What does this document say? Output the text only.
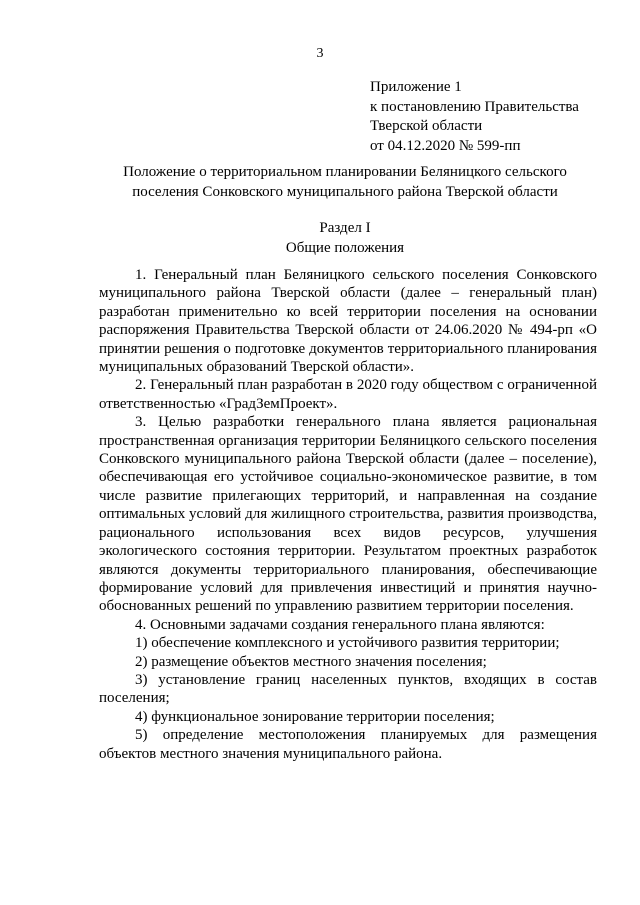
3
Приложение 1
к постановлению Правительства
Тверской области
от 04.12.2020 № 599-пп
Положение о территориальном планировании Беляницкого сельского
поселения Сонковского муниципального района Тверской области
Раздел I
Общие положения

1. Генеральный план Беляницкого сельского поселения Сонковского муниципального района Тверской области (далее – генеральный план) разработан применительно ко всей территории поселения на основании распоряжения Правительства Тверской области от 24.06.2020 № 494-рп «О принятии решения о подготовке документов территориального планирования муниципальных образований Тверской области».

2. Генеральный план разработан в 2020 году обществом с ограниченной ответственностью «ГрадЗемПроект».

3. Целью разработки генерального плана является рациональная пространственная организация территории Беляницкого сельского поселения Сонковского муниципального района Тверской области (далее – поселение), обеспечивающая его устойчивое социально-экономическое развитие, в том числе развитие прилегающих территорий, и направленная на создание оптимальных условий для жилищного строительства, развития производства, рационального использования всех видов ресурсов, улучшения экологического состояния территории. Результатом проектных разработок являются документы территориального планирования, обеспечивающие формирование условий для привлечения инвестиций и принятия научно-обоснованных решений по управлению развитием территории поселения.

4. Основными задачами создания генерального плана являются:

1) обеспечение комплексного и устойчивого развития территории;

2) размещение объектов местного значения поселения;

3) установление границ населенных пунктов, входящих в состав поселения;

4) функциональное зонирование территории поселения;

5) определение местоположения планируемых для размещения объектов местного значения муниципального района.
